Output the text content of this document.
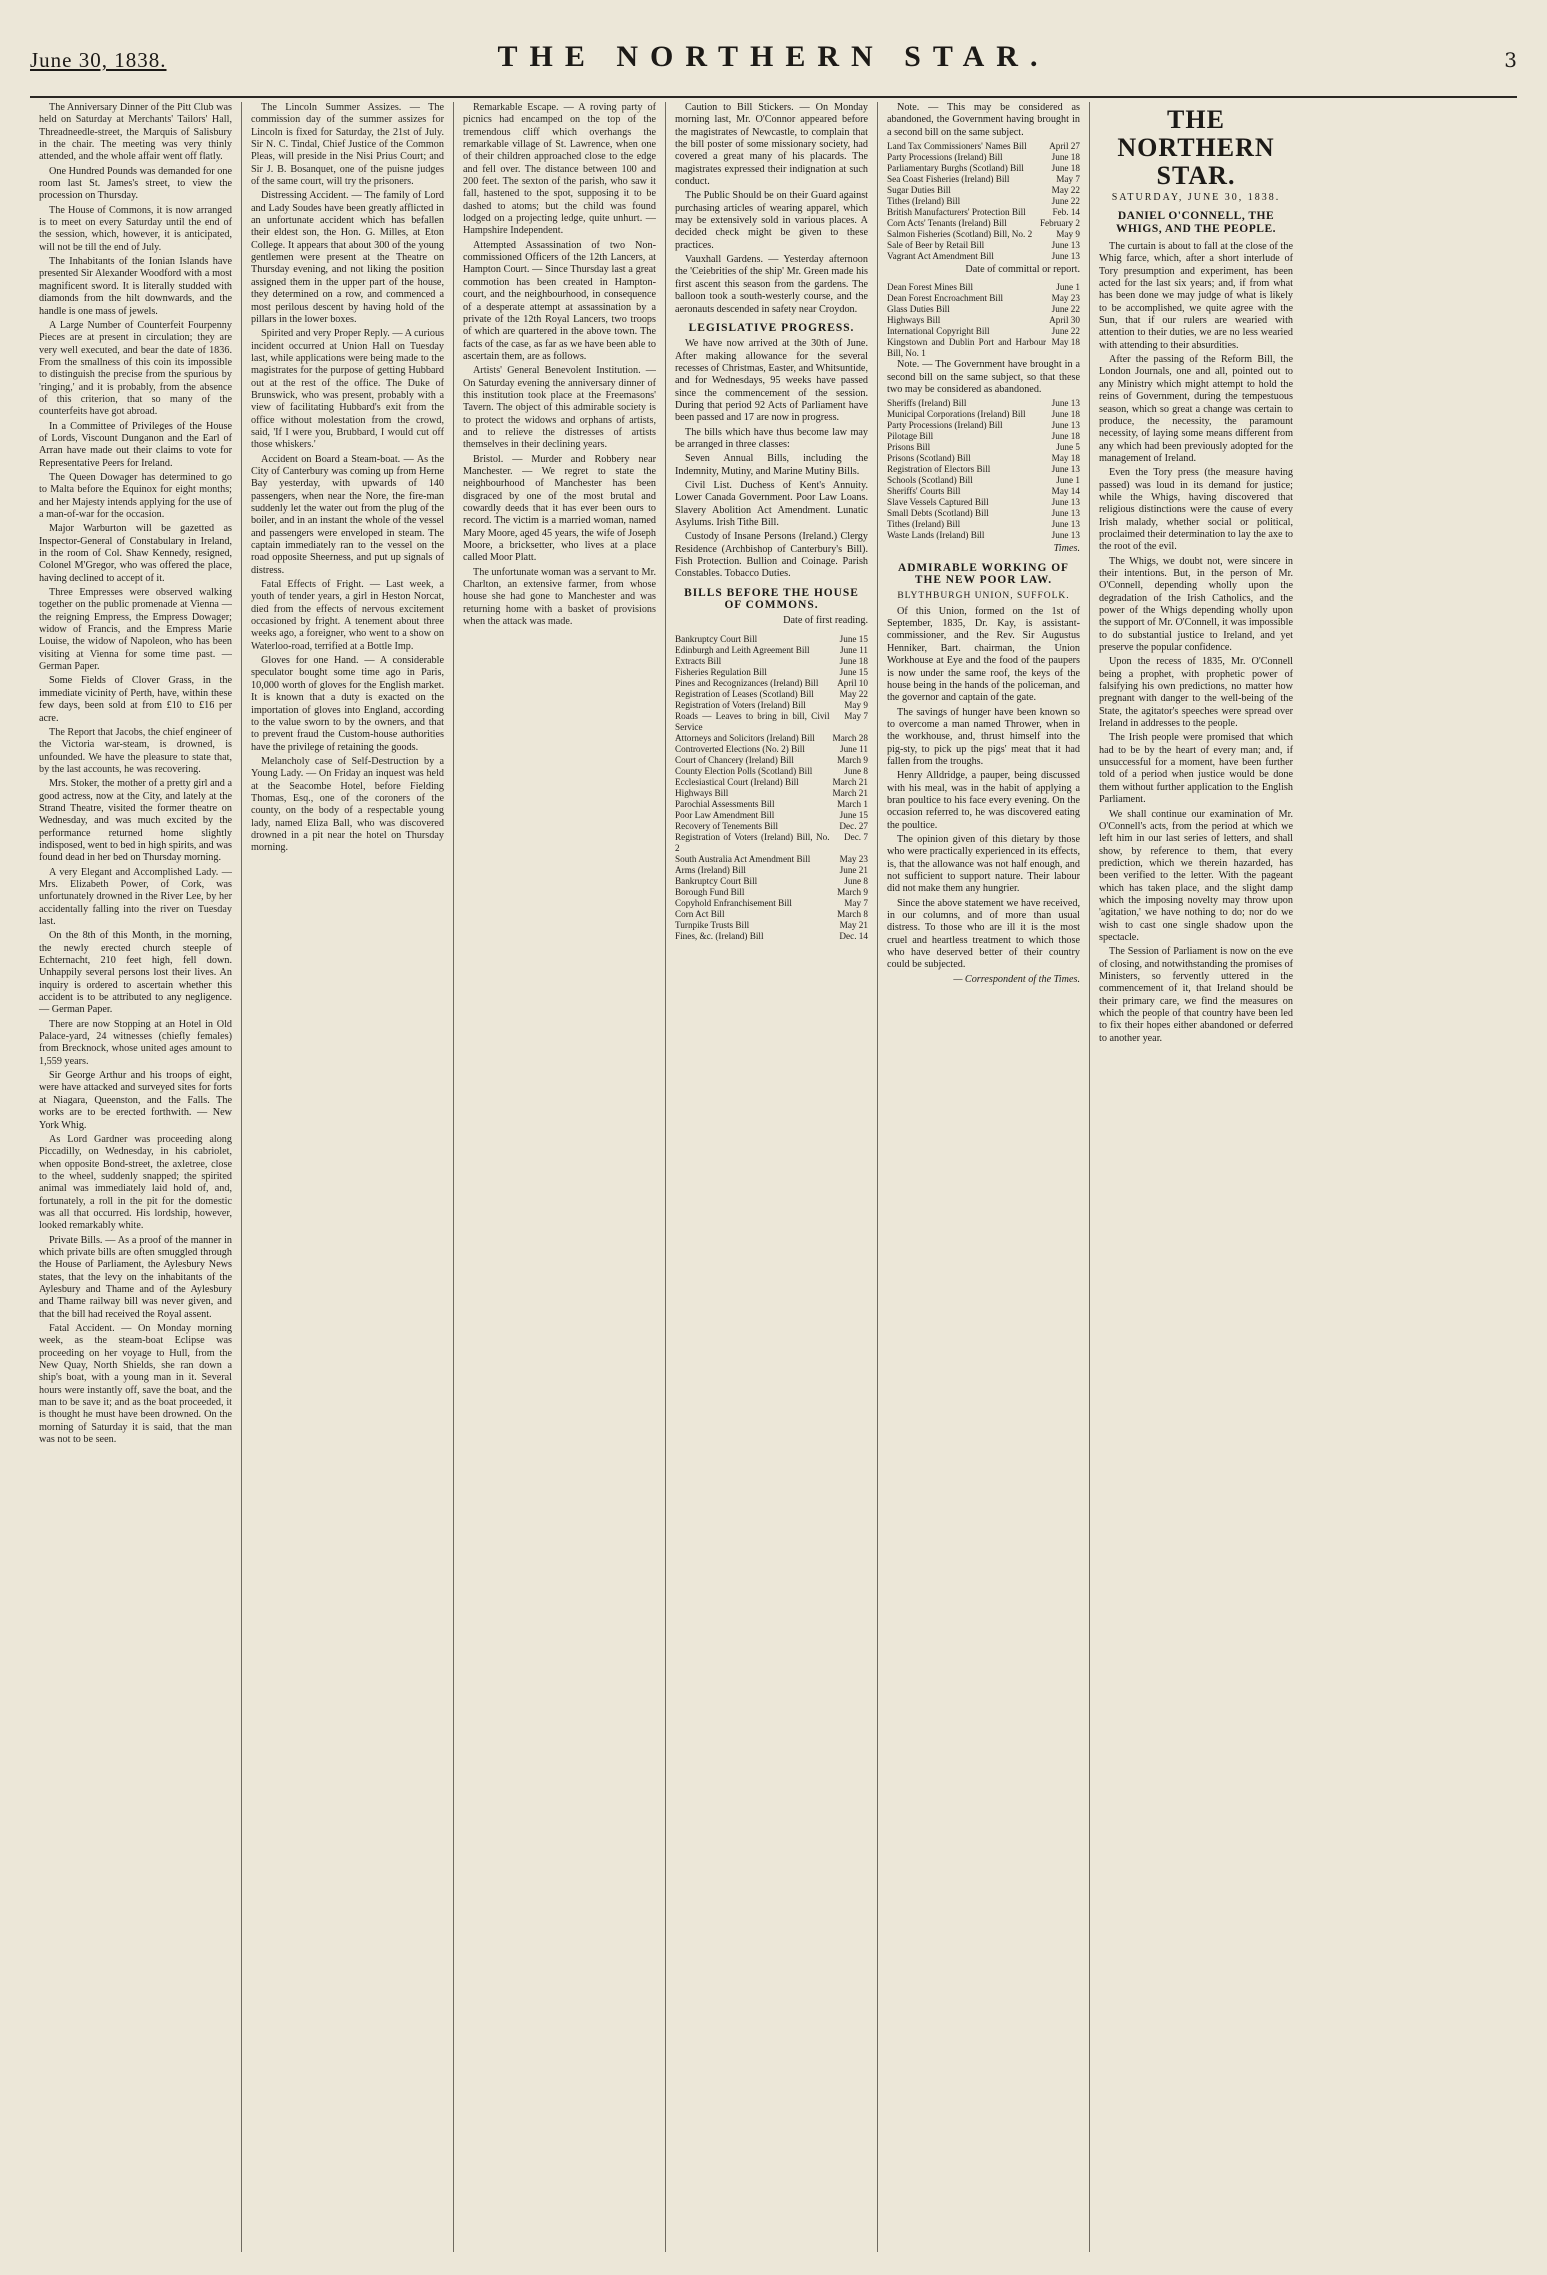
June 30, 1838.	THE NORTHERN STAR.	3

The Anniversary Dinner of the Pitt Club was held on Saturday at Merchants' Tailors' Hall, Threadneedle-street, the Marquis of Salisbury in the chair. The meeting was very thinly attended, and the whole affair went off flatly.

One Hundred Pounds was demanded for one room last St. James's street, to view the procession on Thursday.

The House of Commons, it is now arranged is to meet on every Saturday until the end of the session, which, however, it is anticipated, will not be till the end of July.

The Inhabitants of the Ionian Islands have presented Sir Alexander Woodford with a most magnificent sword. It is literally studded with diamonds from the hilt downwards, and the handle is one mass of jewels.

A Large Number of Counterfeit Fourpenny Pieces are at present in circulation; they are very well executed, and bear the date of 1836. From the smallness of this coin its impossible to distinguish the precise from the spurious by 'ringing,' and it is probably, from the absence of this criterion, that so many of the counterfeits have got abroad.

In a Committee of Privileges of the House of Lords, Viscount Dunganon and the Earl of Arran have made out their claims to vote for Representative Peers for Ireland.

The Queen Dowager has determined to go to Malta before the Equinox for eight months; and her Majesty intends applying for the use of a man-of-war for the occasion.

Major Warburton will be gazetted as Inspector-General of Constabulary in Ireland, in the room of Col. Shaw Kennedy, resigned, Colonel M'Gregor, who was offered the place, having declined to accept of it.

Three Empresses were observed walking together on the public promenade at Vienna — the reigning Empress, the Empress Dowager; widow of Francis, and the Empress Marie Louise, the widow of Napoleon, who has been visiting at Vienna for some time past. — German Paper.

Some Fields of Clover Grass, in the immediate vicinity of Perth, have, within these few days, been sold at from £10 to £16 per acre.

The Report that Jacobs, the chief engineer of the Victoria war-steam, is drowned, is unfounded. We have the pleasure to state that, by the last accounts, he was recovering.

Mrs. Stoker, the mother of a pretty girl and a good actress, now at the City, and lately at the Strand Theatre, visited the former theatre on Wednesday, and was much excited by the performance returned home slightly indisposed, went to bed in high spirits, and was found dead in her bed on Thursday morning.

A very Elegant and Accomplished Lady. — Mrs. Elizabeth Power, of Cork, was unfortunately drowned in the River Lee, by her accidentally falling into the river on Tuesday last.

On the 8th of this Month, in the morning, the newly erected church steeple of Echternacht, 210 feet high, fell down. Unhappily several persons lost their lives. An inquiry is ordered to ascertain whether this accident is to be attributed to any negligence. — German Paper.

There are now Stopping at an Hotel in Old Palace-yard, 24 witnesses (chiefly females) from Brecknock, whose united ages amount to 1,559 years.

Sir George Arthur and his troops of eight, were have attacked and surveyed sites for forts at Niagara, Queenston, and the Falls. The works are to be erected forthwith. — New York Whig.

As Lord Gardner was proceeding along Piccadilly, on Wednesday, in his cabriolet, when opposite Bond-street, the axletree, close to the wheel, suddenly snapped; the spirited animal was immediately laid hold of, and, fortunately, a roll in the pit for the domestic was all that occurred. His lordship, however, looked remarkably white.

Private Bills. — As a proof of the manner in which private bills are often smuggled through the House of Parliament, the Aylesbury News states, that the levy on the inhabitants of the Aylesbury and Thame and of the Aylesbury and Thame railway bill was never given, and that the bill had received the Royal assent.

Fatal Accident. — On Monday morning week, as the steam-boat Eclipse was proceeding on her voyage to Hull, from the New Quay, North Shields, she ran down a ship's boat, with a young man in it. Several hours were instantly off, save the boat, and the man to be save it; and as the boat proceeded, it is thought he must have been drowned. On the morning of Saturday it is said, that the man was not to be seen.

The Lincoln Summer Assizes. — The commission day of the summer assizes for Lincoln is fixed for Saturday, the 21st of July. Sir N. C. Tindal, Chief Justice of the Common Pleas, will preside in the Nisi Prius Court; and Sir J. B. Bosanquet, one of the puisne judges of the same court, will try the prisoners.

Distressing Accident. — The family of Lord and Lady Soudes have been greatly afflicted in an unfortunate accident which has befallen their eldest son, the Hon. G. Milles, at Eton College. It appears that about 300 of the young gentlemen were present at the Theatre on Thursday evening, and not liking the position assigned them in the upper part of the house, they determined on a row, and commenced a most perilous descent by having hold of the pillars in the lower boxes.

Spirited and very Proper Reply. — A curious incident occurred at Union Hall on Tuesday last, while applications were being made to the magistrates for the purpose of getting Hubbard out at the rest of the office. The Duke of Brunswick, who was present, probably with a view of facilitating Hubbard's exit from the office without molestation from the crowd, said, 'If I were you, Brubbard, I would cut off those whiskers.'

Accident on Board a Steam-boat. — As the City of Canterbury was coming up from Herne Bay yesterday, with upwards of 140 passengers, when near the Nore, the fire-man suddenly let the water out from the plug of the boiler, and in an instant the whole of the vessel and passengers were enveloped in steam. The captain immediately ran to the vessel on the road opposite Sheerness, and put up signals of distress.

Fatal Effects of Fright. — Last week, a youth of tender years, a girl in Heston Norcat, died from the effects of nervous excitement occasioned by fright. A tenement about three weeks ago, a foreigner, who went to a show on Waterloo-road, terrified at a Bottle Imp.

Gloves for one Hand. — A considerable speculator bought some time ago in Paris, 10,000 worth of gloves for the English market. It is known that a duty is exacted on the importation of gloves into England, according to the value sworn to by the owners, and that to prevent fraud the Custom-house authorities have the privilege of retaining the goods.

Melancholy case of Self-Destruction by a Young Lady. — On Friday an inquest was held at the Seacombe Hotel, before Fielding Thomas, Esq., one of the coroners of the county, on the body of a respectable young lady, named Eliza Ball, who was discovered drowned in a pit near the hotel on Thursday morning.

Remarkable Escape. — A roving party of picnics had encamped on the top of the tremendous cliff which overhangs the remarkable village of St. Lawrence, when one of their children approached close to the edge and fell over. The distance between 100 and 200 feet. The sexton of the parish, who saw it fall, hastened to the spot, supposing it to be dashed to atoms; but the child was found lodged on a projecting ledge, quite unhurt. — Hampshire Independent.

Attempted Assassination of two Non-commissioned Officers of the 12th Lancers, at Hampton Court. — Since Thursday last a great commotion has been created in Hampton-court, and the neighbourhood, in consequence of a desperate attempt at assassination by a private of the 12th Royal Lancers, two troops of which are quartered in the above town. The facts of the case, as far as we have been able to ascertain them, are as follows.

Artists' General Benevolent Institution. — On Saturday evening the anniversary dinner of this institution took place at the Freemasons' Tavern. The object of this admirable society is to protect the widows and orphans of artists, and to relieve the distresses of artists themselves in their declining years.

Bristol. — Murder and Robbery near Manchester. — We regret to state the neighbourhood of Manchester has been disgraced by one of the most brutal and cowardly deeds that it has ever been ours to record. The victim is a married woman, named Mary Moore, aged 45 years, the wife of Joseph Moore, a bricksetter, who lives at a place called Moor Platt.

The unfortunate woman was a servant to Mr. Charlton, an extensive farmer, from whose house she had gone to Manchester and was returning home with a basket of provisions when the attack was made.

Caution to Bill Stickers. — On Monday morning last, Mr. O'Connor appeared before the magistrates of Newcastle, to complain that the bill poster of some missionary society, had covered a great many of his placards. The magistrates expressed their indignation at such conduct.

The Public Should be on their Guard against purchasing articles of wearing apparel, which may be extensively sold in various places. A decided check might be given to these practices.

Vauxhall Gardens. — Yesterday afternoon the 'Ceiebrities of the ship' Mr. Green made his first ascent this season from the gardens. The balloon took a south-westerly course, and the aeronauts descended in safety near Croydon.

LEGISLATIVE PROGRESS.

We have now arrived at the 30th of June. After making allowance for the several recesses of Christmas, Easter, and Whitsuntide, and for Wednesdays, 95 weeks have passed since the commencement of the session. During that period 92 Acts of Parliament have been passed and 17 are now in progress.

The bills which have thus become law may be arranged in three classes:

Seven Annual Bills, including the Indemnity, Mutiny, and Marine Mutiny Bills.

Civil List. Duchess of Kent's Annuity. Lower Canada Government. Poor Law Loans. Slavery Abolition Act Amendment. Lunatic Asylums. Irish Tithe Bill.

Custody of Insane Persons (Ireland.) Clergy Residence (Archbishop of Canterbury's Bill). Fish Protection. Bullion and Coinage. Parish Constables. Tobacco Duties.

BILLS BEFORE THE HOUSE OF COMMONS.
Date of first reading.
Bankruptcy Court Bill	June 15
Edinburgh and Leith Agreement Bill	June 11
Extracts Bill	June 18
Fisheries Regulation Bill	June 15
Pines and Recognizances (Ireland) Bill	April 10
Registration of Leases (Scotland) Bill	May 22
Registration of Voters (Ireland) Bill	May 9
Roads — Leaves to bring in bill, Civil Service	May 7
Attorneys and Solicitors (Ireland) Bill	March 28
Controverted Elections (No. 2) Bill	June 11
Court of Chancery (Ireland) Bill	March 9
County Election Polls (Scotland) Bill	June 8
Ecclesiastical Court (Ireland) Bill	March 21
Highways Bill	March 21
Parochial Assessments Bill	March 1
Poor Law Amendment Bill	June 15
Recovery of Tenements Bill	Dec. 27
Registration of Voters (Ireland) Bill, No. 2	Dec. 7
South Australia Act Amendment Bill	May 23
Arms (Ireland) Bill	June 21
Bankruptcy Court Bill	June 8
Borough Fund Bill	March 9
Copyhold Enfranchisement Bill	May 7
Corn Act Bill	March 8
Turnpike Trusts Bill	May 21
Fines, &c. (Ireland) Bill	Dec. 14

Note. — This may be considered as abandoned, the Government having brought in a second bill on the same subject.

Land Tax Commissioners' Names Bill	April 27
Party Processions (Ireland) Bill	June 18
Parliamentary Burghs (Scotland) Bill	June 18
Sea Coast Fisheries (Ireland) Bill	May 7
Sugar Duties Bill	May 22
Tithes (Ireland) Bill	June 22
British Manufacturers' Protection Bill	Feb. 14
Corn Acts' Tenants (Ireland) Bill	February 2
Salmon Fisheries (Scotland) Bill, No. 2	May 9
Sale of Beer by Retail Bill	June 13
Vagrant Act Amendment Bill	June 13
Date of committal or report.
Dean Forest Mines Bill	June 1
Dean Forest Encroachment Bill	May 23
Glass Duties Bill	June 22
Highways Bill	April 30
International Copyright Bill	June 22
Kingstown and Dublin Port and Harbour Bill, No. 1	May 18

Note. — The Government have brought in a second bill on the same subject, so that these two may be considered as abandoned.

Sheriffs (Ireland) Bill	June 13
Municipal Corporations (Ireland) Bill	June 18
Party Processions (Ireland) Bill	June 13
Pilotage Bill	June 18
Prisons Bill	June 5
Prisons (Scotland) Bill	May 18
Registration of Electors Bill	June 13
Schools (Scotland) Bill	June 1
Sheriffs' Courts Bill	May 14
Slave Vessels Captured Bill	June 13
Small Debts (Scotland) Bill	June 13
Tithes (Ireland) Bill	June 13
Waste Lands (Ireland) Bill	June 13
Times.
ADMIRABLE WORKING OF THE NEW POOR LAW.
BLYTHBURGH UNION, SUFFOLK.

Of this Union, formed on the 1st of September, 1835, Dr. Kay, is assistant-commissioner, and the Rev. Sir Augustus Henniker, Bart. chairman, the Union Workhouse at Eye and the food of the paupers is now under the same roof, the keys of the house being in the hands of the policeman, and the governor and captain of the gate.

The savings of hunger have been known so to overcome a man named Thrower, when in the workhouse, and, thrust himself into the pig-sty, to pick up the pigs' meat that it had fallen from the troughs.

Henry Alldridge, a pauper, being discussed with his meal, was in the habit of applying a bran poultice to his face every evening. On the occasion referred to, he was discovered eating the poultice.

The opinion given of this dietary by those who were practically experienced in its effects, is, that the allowance was not half enough, and not sufficient to support nature. Their labour did not make them any hungrier.

Since the above statement we have received, in our columns, and of more than usual distress. To those who are ill it is the most cruel and heartless treatment to which those who have deserved better of their country could be subjected.

— Correspondent of the Times.
THE NORTHERN STAR.
SATURDAY, JUNE 30, 1838.
DANIEL O'CONNELL, THE WHIGS, AND THE PEOPLE.

The curtain is about to fall at the close of the Whig farce, which, after a short interlude of Tory presumption and experiment, has been acted for the last six years; and, if from what has been done we may judge of what is likely to be accomplished, we quite agree with the Sun, that if our rulers are wearied with attention to their duties, we are no less wearied with attending to their absurdities.

After the passing of the Reform Bill, the London Journals, one and all, pointed out to any Ministry which might attempt to hold the reins of Government, during the tempestuous season, which so great a change was certain to produce, the necessity, the paramount necessity, of laying some means different from any which had been previously adopted for the management of Ireland.

Even the Tory press (the measure having passed) was loud in its demand for justice; while the Whigs, having discovered that religious distinctions were the cause of every Irish malady, whether social or political, proclaimed their determination to lay the axe to the root of the evil.

The Whigs, we doubt not, were sincere in their intentions. But, in the person of Mr. O'Connell, depending wholly upon the degradation of the Irish Catholics, and the power of the Whigs depending wholly upon the support of Mr. O'Connell, it was impossible to do substantial justice to Ireland, and yet preserve the popular confidence.

Upon the recess of 1835, Mr. O'Connell being a prophet, with prophetic power of falsifying his own predictions, no matter how pregnant with danger to the well-being of the State, the agitator's speeches were spread over Ireland in addresses to the people.

The Irish people were promised that which had to be by the heart of every man; and, if unsuccessful for a moment, have been further told of a period when justice would be done them without further application to the English Parliament.

We shall continue our examination of Mr. O'Connell's acts, from the period at which we left him in our last series of letters, and shall show, by reference to them, that every prediction, which we therein hazarded, has been verified to the letter. With the pageant which has taken place, and the slight damp which the imposing novelty may throw upon 'agitation,' we have nothing to do; nor do we wish to cast one single shadow upon the spectacle.

The Session of Parliament is now on the eve of closing, and notwithstanding the promises of Ministers, so fervently uttered in the commencement of it, that Ireland should be their primary care, we find the measures on which the people of that country have been led to fix their hopes either abandoned or deferred to another year.
